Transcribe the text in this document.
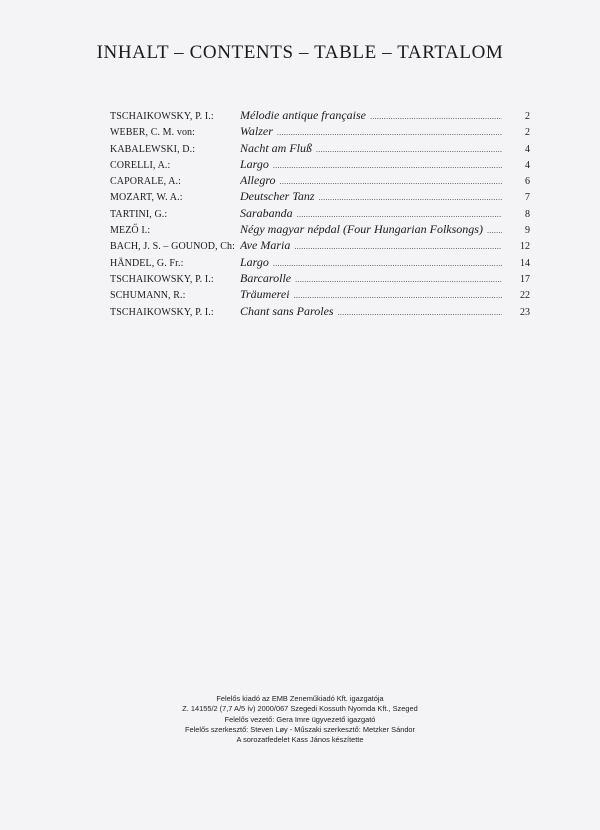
INHALT – CONTENTS – TABLE – TARTALOM
TSCHAIKOWSKY, P. I.:	Mélodie antique française .....	2
WEBER, C. M. von:	Walzer .....	2
KABALEWSKI, D.:	Nacht am Fluß .....	4
CORELLI, A.:	Largo .....	4
CAPORALE, A.:	Allegro .....	6
MOZART, W. A.:	Deutscher Tanz .....	7
TARTINI, G.:	Sarabanda .....	8
MEZŐ I.:	Négy magyar népdal (Four Hungarian Folksongs) .....	9
BACH, J. S. – GOUNOD, Ch: Ave Maria .....	12
HÄNDEL, G. Fr.:	Largo .....	14
TSCHAIKOWSKY, P. I.:	Barcarolle .....	17
SCHUMANN, R.:	Träumerei .....	22
TSCHAIKOWSKY, P. I.:	Chant sans Paroles .....	23
Felelős kiadó az EMB Zeneműkiadó Kft. igazgatója
Z. 14155/2 (7,7 A/5 ív) 2000/067 Szegedi Kossuth Nyomda Kft., Szeged
Felelős vezető: Gera Imre ügyvezető igazgató
Felelős szerkesztő: Steven Løy - Műszaki szerkesztő: Metzker Sándor
A sorozatfedelet Kass János készítette
